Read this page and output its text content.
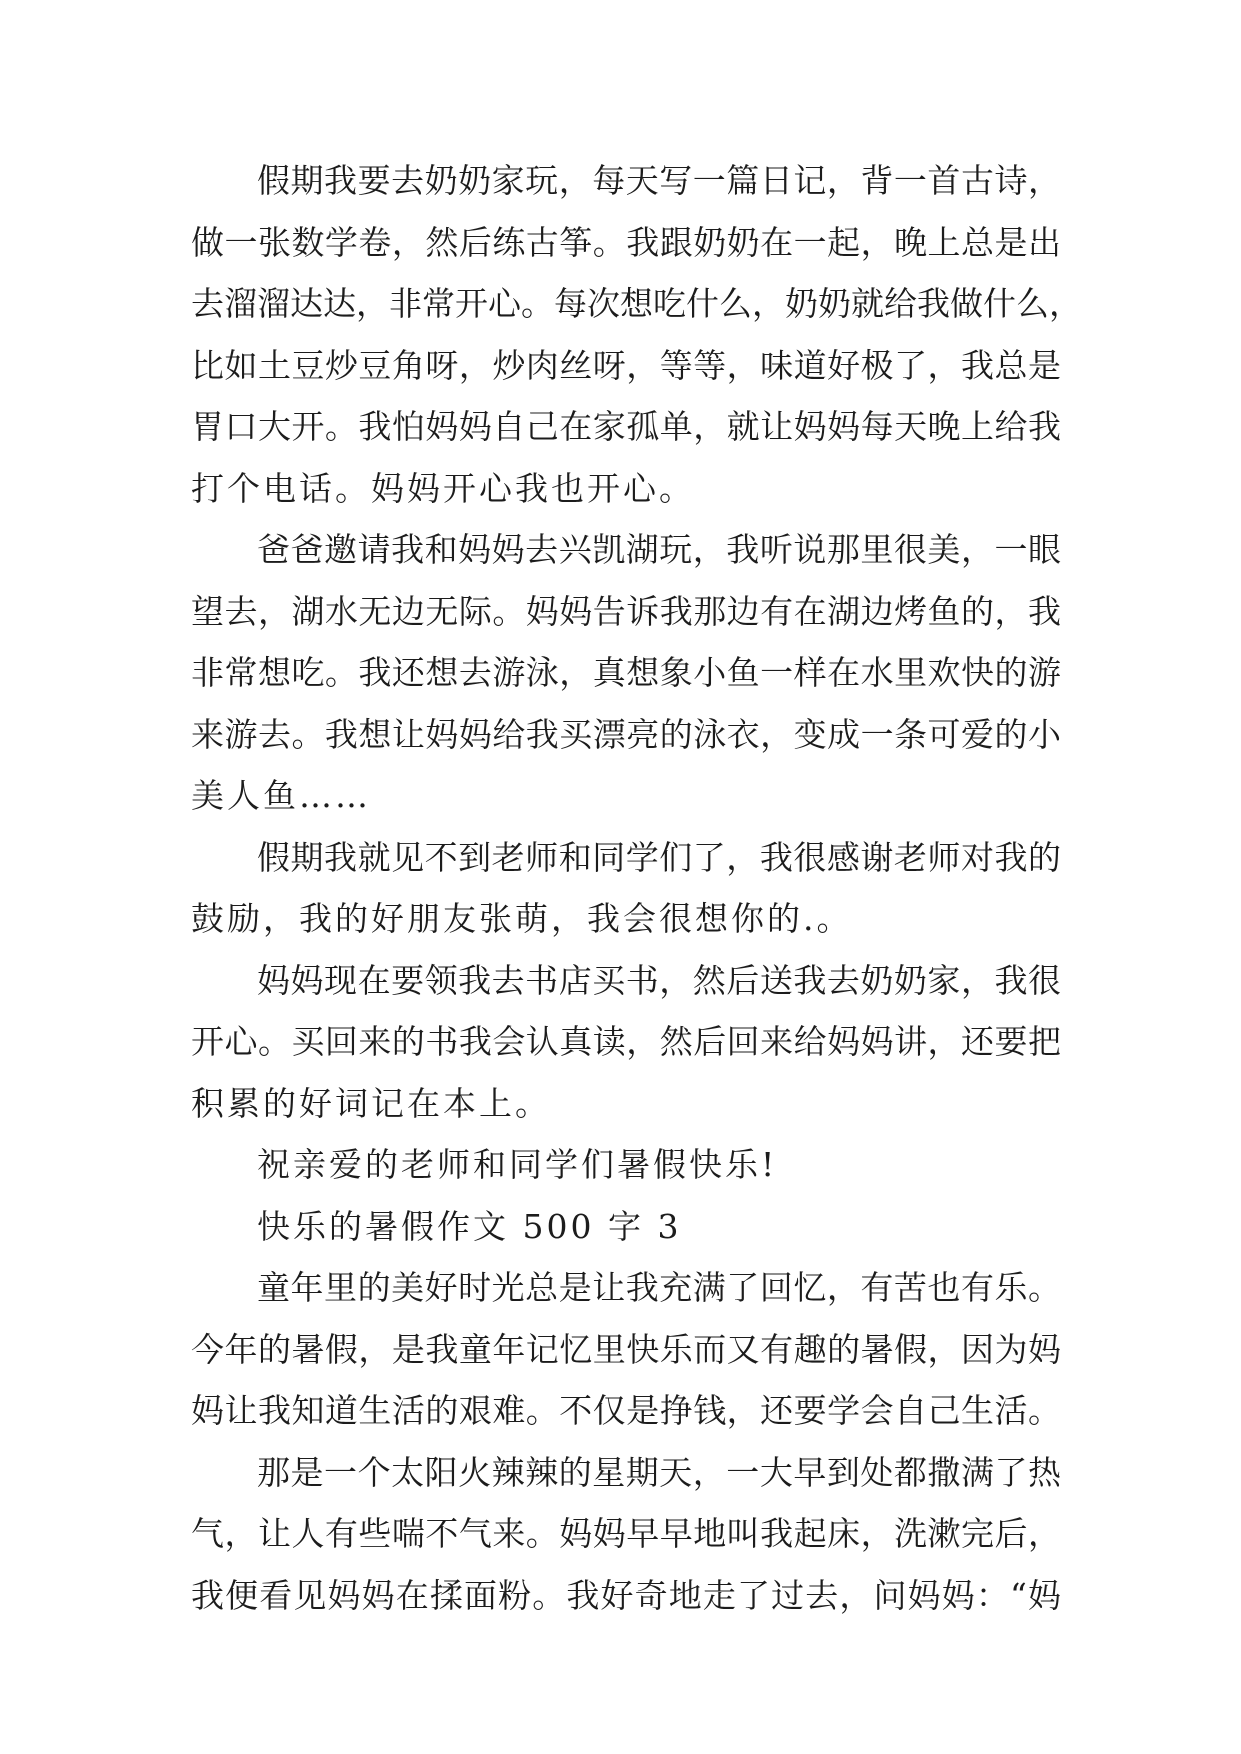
假期我要去奶奶家玩，每天写一篇日记，背一首古诗，
做一张数学卷，然后练古筝。我跟奶奶在一起，晚上总是出
去溜溜达达，非常开心。每次想吃什么，奶奶就给我做什么，
比如土豆炒豆角呀，炒肉丝呀，等等，味道好极了，我总是
胃口大开。我怕妈妈自己在家孤单，就让妈妈每天晚上给我
打个电话。妈妈开心我也开心。
爸爸邀请我和妈妈去兴凯湖玩，我听说那里很美，一眼
望去，湖水无边无际。妈妈告诉我那边有在湖边烤鱼的，我
非常想吃。我还想去游泳，真想象小鱼一样在水里欢快的游
来游去。我想让妈妈给我买漂亮的泳衣，变成一条可爱的小
美人鱼……
假期我就见不到老师和同学们了，我很感谢老师对我的
鼓励，我的好朋友张萌，我会很想你的.。
妈妈现在要领我去书店买书，然后送我去奶奶家，我很
开心。买回来的书我会认真读，然后回来给妈妈讲，还要把
积累的好词记在本上。
祝亲爱的老师和同学们暑假快乐!
快乐的暑假作文 500 字 3
童年里的美好时光总是让我充满了回忆，有苦也有乐。
今年的暑假，是我童年记忆里快乐而又有趣的暑假，因为妈
妈让我知道生活的艰难。不仅是挣钱，还要学会自己生活。
那是一个太阳火辣辣的星期天，一大早到处都撒满了热
气，让人有些喘不气来。妈妈早早地叫我起床，洗漱完后，
我便看见妈妈在揉面粉。我好奇地走了过去，问妈妈：“妈
